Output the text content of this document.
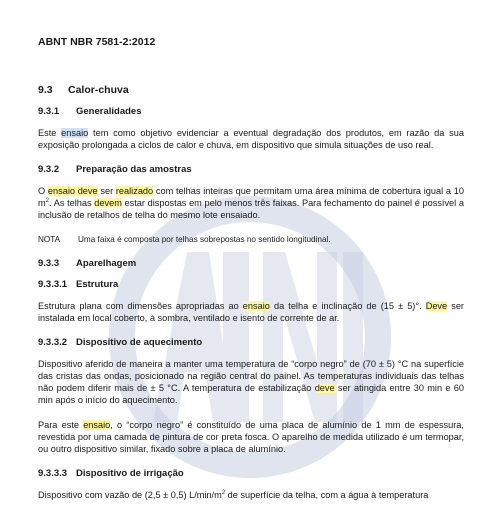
ABNT NBR 7581-2:2012
9.3 Calor-chuva
9.3.1 Generalidades

Este ensaio tem como objetivo evidenciar a eventual degradação dos produtos, em razão da sua exposição prolongada a ciclos de calor e chuva, em dispositivo que simula situações de uso real.

9.3.2 Preparação das amostras

O ensaio deve ser realizado com telhas inteiras que permitam uma área mínima de cobertura igual a 10 $m^2$. As telhas devem estar dispostas em pelo menos três faixas. Para fechamento do painel é possível a inclusão de retalhos de telha do mesmo lote ensaiado.

NOTA Uma faixa é composta por telhas sobrepostas no sentido longitudinal.

9.3.3 Aparelhagem
9.3.3.1 Estrutura

Estrutura plana com dimensões apropriadas ao ensaio da telha e inclinação de (15 ± 5)°. Deve ser instalada em local coberto, à sombra, ventilado e isento de corrente de ar.

9.3.3.2 Dispositivo de aquecimento

Dispositivo aferido de maneira a manter uma temperatura de “corpo negro” de (70 ± 5) °C na superfície das cristas das ondas, posicionado na região central do painel. As temperaturas individuais das telhas não podem diferir mais de ± 5 °C. A temperatura de estabilização deve ser atingida entre 30 min e 60 min após o início do aquecimento.

Para este ensaio, o “corpo negro” é constituído de uma placa de alumínio de 1 mm de espessura, revestida por uma camada de pintura de cor preta fosca. O aparelho de medida utilizado é um termopar, ou outro dispositivo similar, fixado sobre a placa de alumínio.

9.3.3.3 Dispositivo de irrigação

Dispositivo com vazão de (2,5 ± 0,5) $L/\min/m^2$ de superfície da telha, com a água à temperatura
